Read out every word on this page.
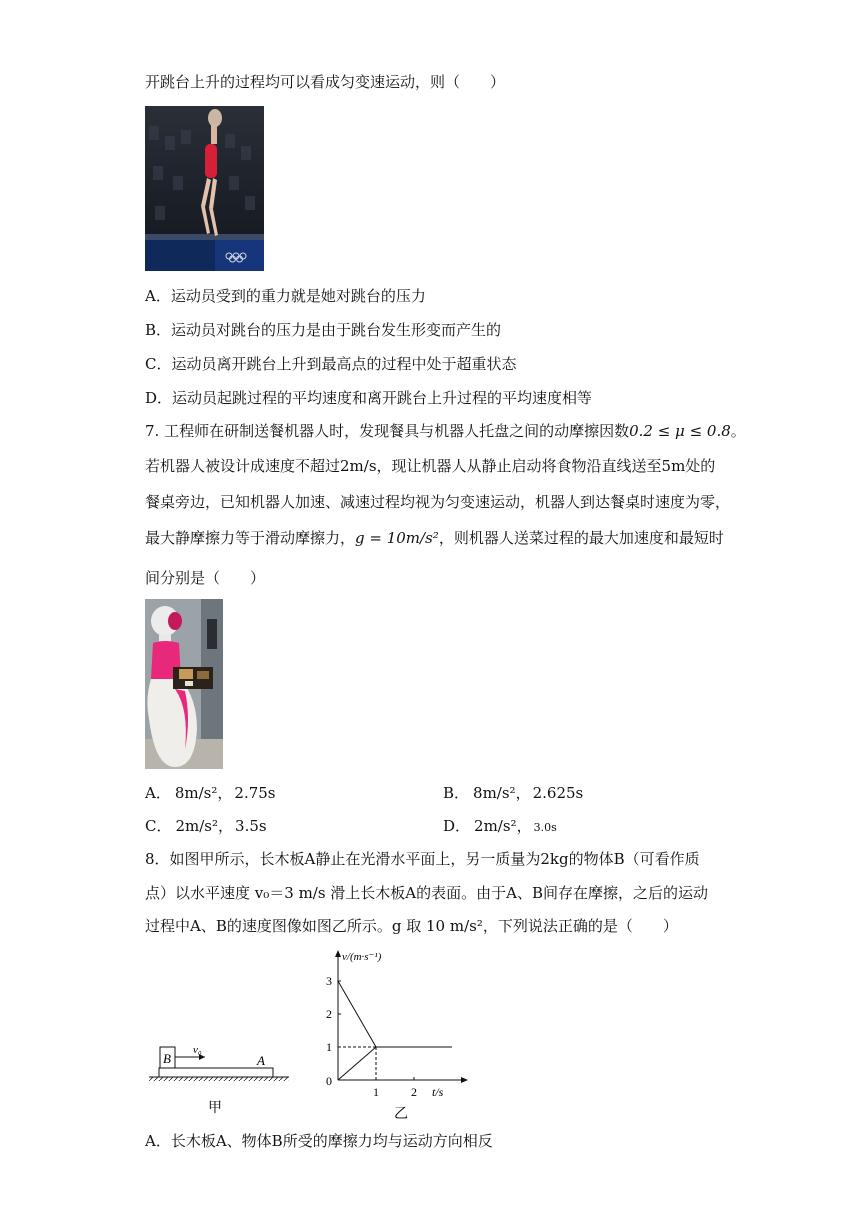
开跳台上升的过程均可以看成匀变速运动，则（　　）
A．运动员受到的重力就是她对跳台的压力
B．运动员对跳台的压力是由于跳台发生形变而产生的
C．运动员离开跳台上升到最高点的过程中处于超重状态
D．运动员起跳过程的平均速度和离开跳台上升过程的平均速度相等
7. 工程师在研制送餐机器人时，发现餐具与机器人托盘之间的动摩擦因数0.2 ≤ μ ≤ 0.8。
若机器人被设计成速度不超过2m/s，现让机器人从静止启动将食物沿直线送至5m处的
餐桌旁边，已知机器人加速、减速过程均视为匀变速运动，机器人到达餐桌时速度为零，
最大静摩擦力等于滑动摩擦力，g = 10m/s²，则机器人送菜过程的最大加速度和最短时
间分别是（　　）
A． 8m/s²， 2.75s	B． 8m/s²， 2.625s
C． 2m/s²， 3.5s	D． 2m/s²， 3.0s
8．如图甲所示，长木板A静止在光滑水平面上，另一质量为2kg的物体B（可看作质
点）以水平速度 v₀＝3 m/s 滑上长木板A的表面。由于A、B间存在摩擦，之后的运动
过程中A、B的速度图像如图乙所示。g 取 10 m/s²，下列说法正确的是（　　）
B
v₀
A
甲
v/(m·s⁻¹)
t/s
0
1
2
3
1	2
乙
A．长木板A、物体B所受的摩擦力均与运动方向相反
